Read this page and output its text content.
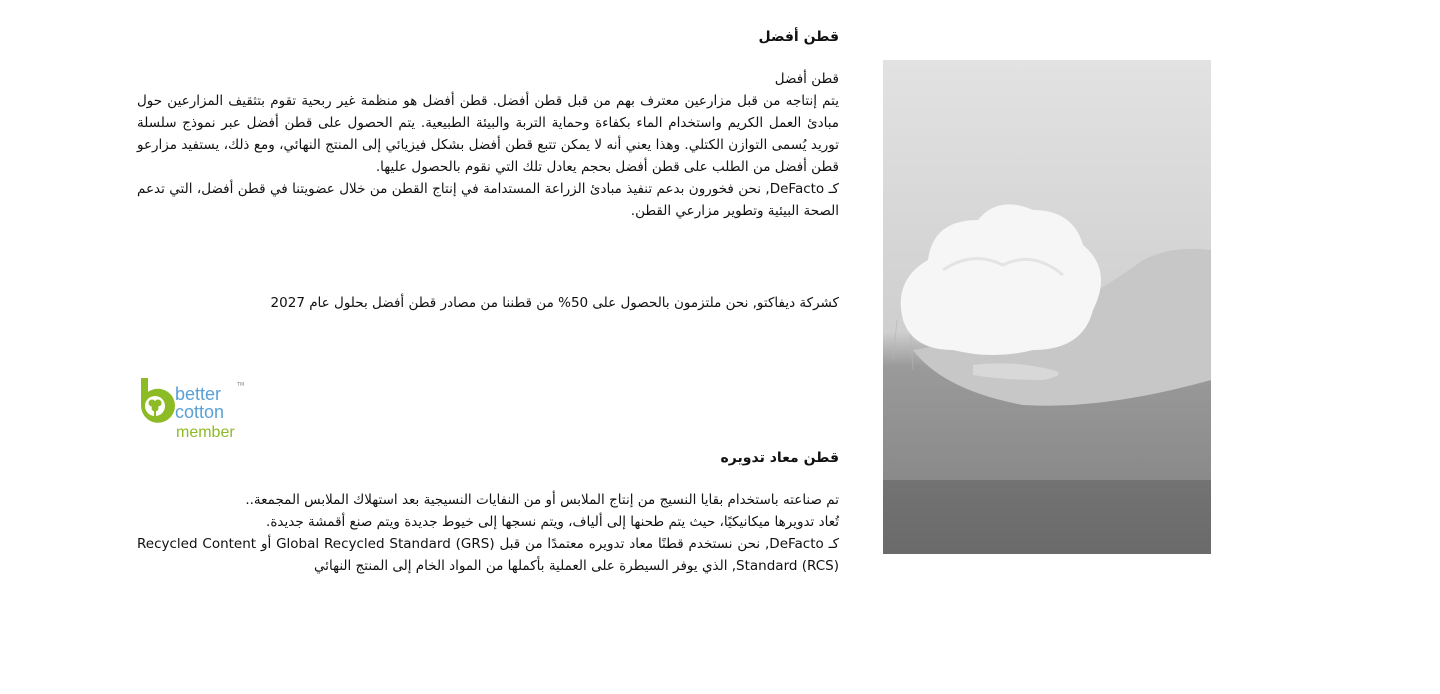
قطن أفضل

قطن أفضل

يتم إنتاجه من قبل مزارعين معترف بهم من قبل قطن أفضل. قطن أفضل هو منظمة غير ربحية تقوم بتثقيف المزارعين حول مبادئ العمل الكريم واستخدام الماء بكفاءة وحماية التربة والبيئة الطبيعية. يتم الحصول على قطن أفضل عبر نموذج سلسلة توريد يُسمى التوازن الكتلي. وهذا يعني أنه لا يمكن تتبع قطن أفضل بشكل فيزيائي إلى المنتج النهائي، ومع ذلك، يستفيد مزارعو قطن أفضل من الطلب على قطن أفضل بحجم يعادل تلك التي نقوم بالحصول عليها.

كـ DeFacto, نحن فخورون بدعم تنفيذ مبادئ الزراعة المستدامة في إنتاج القطن من خلال عضويتنا في قطن أفضل، التي تدعم الصحة البيئية وتطوير مزارعي القطن.

كشركة ديفاكتو, نحن ملتزمون بالحصول على 50% من قطننا من مصادر قطن أفضل بحلول عام 2027

better
cotton
member
TM
قطن معاد تدويره

تم صناعته باستخدام بقايا النسيج من إنتاج الملابس أو من النفايات النسيجية بعد استهلاك الملابس المجمعة..

تُعاد تدويرها ميكانيكيًا، حيث يتم طحنها إلى ألياف، ويتم نسجها إلى خيوط جديدة ويتم صنع أقمشة جديدة.

كـ DeFacto, نحن نستخدم قطنًا معاد تدويره معتمدًا من قبل Global Recycled Standard (GRS) أو Recycled Content Standard (RCS), الذي يوفر السيطرة على العملية بأكملها من المواد الخام إلى المنتج النهائي
